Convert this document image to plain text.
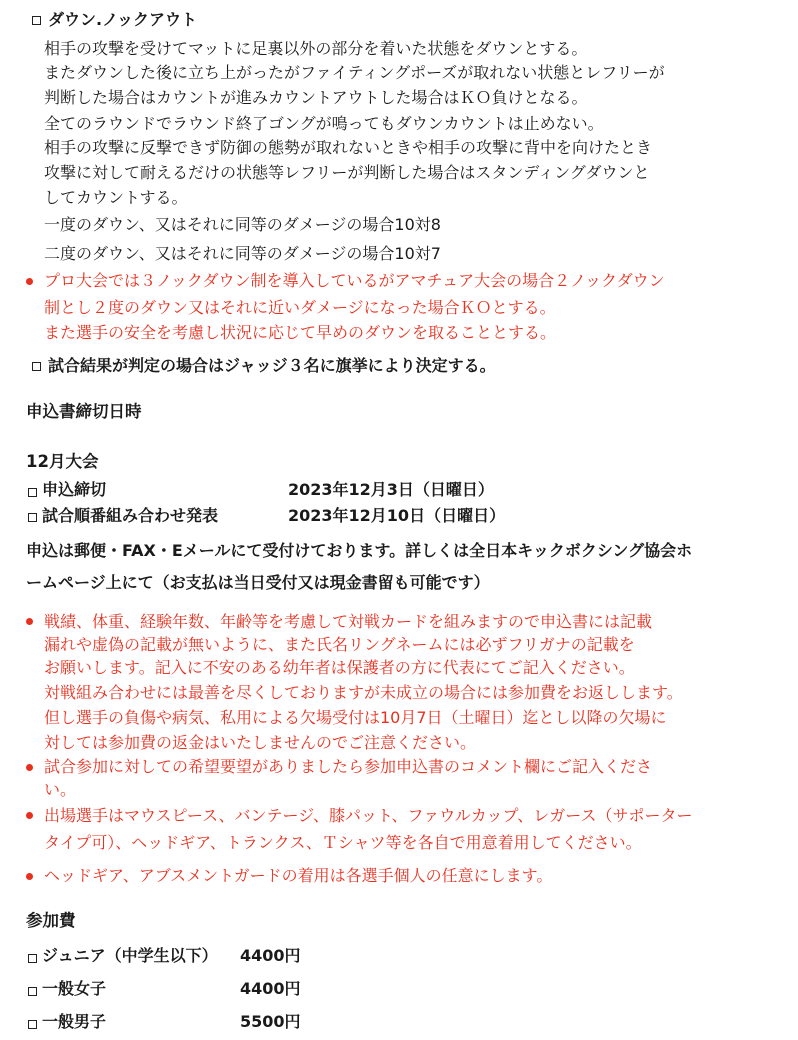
ダウン.ノックアウト
相手の攻撃を受けてマットに足裏以外の部分を着いた状態をダウンとする。
またダウンした後に立ち上がったがファイティングポーズが取れない状態とレフリーが
判断した場合はカウントが進みカウントアウトした場合はＫＯ負けとなる。
全てのラウンドでラウンド終了ゴングが鳴ってもダウンカウントは止めない。
相手の攻撃に反撃できず防御の態勢が取れないときや相手の攻撃に背中を向けたとき
攻撃に対して耐えるだけの状態等レフリーが判断した場合はスタンディングダウンと
してカウントする。
一度のダウン、又はそれに同等のダメージの場合10対8
二度のダウン、又はそれに同等のダメージの場合10対7
プロ大会では３ノックダウン制を導入しているがアマチュア大会の場合２ノックダウン
制とし２度のダウン又はそれに近いダメージになった場合ＫＯとする。
また選手の安全を考慮し状況に応じて早めのダウンを取ることとする。
試合結果が判定の場合はジャッジ３名に旗挙により決定する。
申込書締切日時
12月大会
申込締切	2023年12月3日（日曜日）
試合順番組み合わせ発表	2023年12月10日（日曜日）
申込は郵便・FAX・Eメールにて受付けております。詳しくは全日本キックボクシング協会ホ
ームページ上にて（お支払は当日受付又は現金書留も可能です）
戦績、体重、経験年数、年齢等を考慮して対戦カードを組みますので申込書には記載
漏れや虚偽の記載が無いように、また氏名リングネームには必ずフリガナの記載を
お願いします。記入に不安のある幼年者は保護者の方に代表にてご記入ください。
対戦組み合わせには最善を尽くしておりますが未成立の場合には参加費をお返しします。
但し選手の負傷や病気、私用による欠場受付は10月7日（土曜日）迄とし以降の欠場に
対しては参加費の返金はいたしませんのでご注意ください。
試合参加に対しての希望要望がありましたら参加申込書のコメント欄にご記入くださ
い。
出場選手はマウスピース、バンテージ、膝パット、ファウルカップ、レガース（サポーター
タイプ可）、ヘッドギア、トランクス、Ｔシャツ等を各自で用意着用してください。
ヘッドギア、アブスメントガードの着用は各選手個人の任意にします。
参加費
ジュニア（中学生以下） 4400円
一般女子	4400円
一般男子	5500円
